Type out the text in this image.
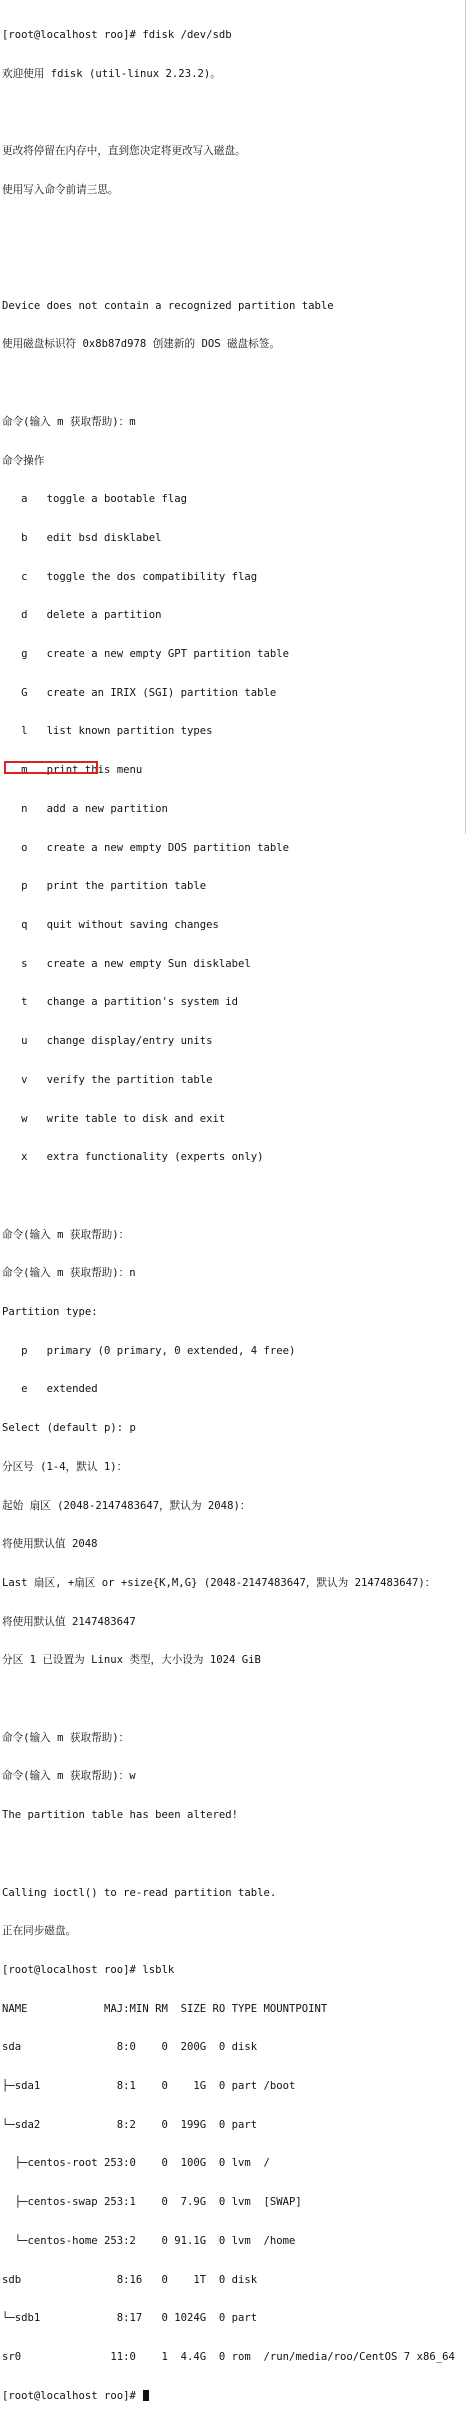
[root@localhost roo]# fdisk /dev/sdb

欢迎使用 fdisk (util-linux 2.23.2)。

更改将停留在内存中，直到您决定将更改写入磁盘。

使用写入命令前请三思。

Device does not contain a recognized partition table

使用磁盘标识符 0x8b87d978 创建新的 DOS 磁盘标签。

命令(输入 m 获取帮助)：m

命令操作

a   toggle a bootable flag

b   edit bsd disklabel

c   toggle the dos compatibility flag

d   delete a partition

g   create a new empty GPT partition table

G   create an IRIX (SGI) partition table

l   list known partition types

m   print this menu

n   add a new partition

o   create a new empty DOS partition table

p   print the partition table

q   quit without saving changes

s   create a new empty Sun disklabel

t   change a partition's system id

u   change display/entry units

v   verify the partition table

w   write table to disk and exit

x   extra functionality (experts only)

命令(输入 m 获取帮助)：

命令(输入 m 获取帮助)：n

Partition type:

p   primary (0 primary, 0 extended, 4 free)

e   extended

Select (default p): p

分区号 (1-4，默认 1)：

起始 扇区 (2048-2147483647，默认为 2048)：

将使用默认值 2048

Last 扇区, +扇区 or +size{K,M,G} (2048-2147483647，默认为 2147483647)：

将使用默认值 2147483647

分区 1 已设置为 Linux 类型，大小设为 1024 GiB

命令(输入 m 获取帮助)：

命令(输入 m 获取帮助)：w

The partition table has been altered!

Calling ioctl() to re-read partition table.

正在同步磁盘。

[root@localhost roo]# lsblk

NAME            MAJ:MIN RM  SIZE RO TYPE MOUNTPOINT

sda               8:0    0  200G  0 disk

├─sda1            8:1    0    1G  0 part /boot

└─sda2            8:2    0  199G  0 part

├─centos-root 253:0    0  100G  0 lvm  /

├─centos-swap 253:1    0  7.9G  0 lvm  [SWAP]

└─centos-home 253:2    0 91.1G  0 lvm  /home

sdb               8:16   0    1T  0 disk

└─sdb1            8:17   0 1024G  0 part

sr0              11:0    1  4.4G  0 rom  /run/media/roo/CentOS 7 x86_64

[root@localhost roo]#
